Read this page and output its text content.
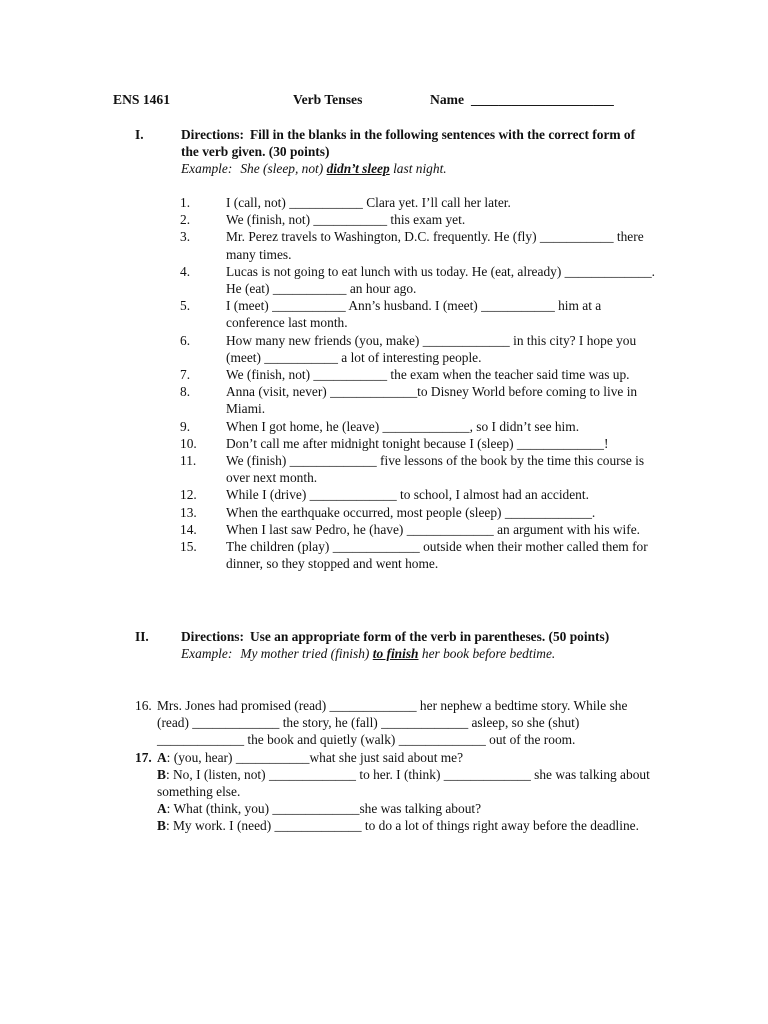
ENS 1461	Verb Tenses	Name _____________________
I.	Directions: Fill in the blanks in the following sentences with the correct form of the verb given. (30 points)
Example: She (sleep, not) didn’t sleep last night.
1.	I (call, not) ___________ Clara yet. I’ll call her later.
2.	We (finish, not) ___________ this exam yet.
3.	Mr. Perez travels to Washington, D.C. frequently. He (fly) ___________ there many times.
4.	Lucas is not going to eat lunch with us today. He (eat, already) _____________. He (eat) ___________ an hour ago.
5.	I (meet) ___________ Ann’s husband. I (meet) ___________ him at a conference last month.
6.	How many new friends (you, make) _____________ in this city? I hope you (meet) ___________ a lot of interesting people.
7.	We (finish, not) ___________ the exam when the teacher said time was up.
8.	Anna (visit, never) _____________to Disney World before coming to live in Miami.
9.	When I got home, he (leave) _____________, so I didn’t see him.
10. Don’t call me after midnight tonight because I (sleep) _____________!
11. We (finish) _____________ five lessons of the book by the time this course is over next month.
12. While I (drive) _____________ to school, I almost had an accident.
13. When the earthquake occurred, most people (sleep) _____________.
14. When I last saw Pedro, he (have) _____________ an argument with his wife.
15. The children (play) _____________ outside when their mother called them for dinner, so they stopped and went home.
II. Directions: Use an appropriate form of the verb in parentheses. (50 points)
Example: My mother tried (finish) to finish her book before bedtime.
16. Mrs. Jones had promised (read) _____________ her nephew a bedtime story. While she (read) _____________ the story, he (fall) _____________ asleep, so she (shut) _____________ the book and quietly (walk) _____________ out of the room.
17. A: (you, hear) ___________what she just said about me?
B: No, I (listen, not) _____________ to her. I (think) _____________ she was talking about something else.
A: What (think, you) _____________she was talking about?
B: My work. I (need) _____________ to do a lot of things right away before the deadline.
